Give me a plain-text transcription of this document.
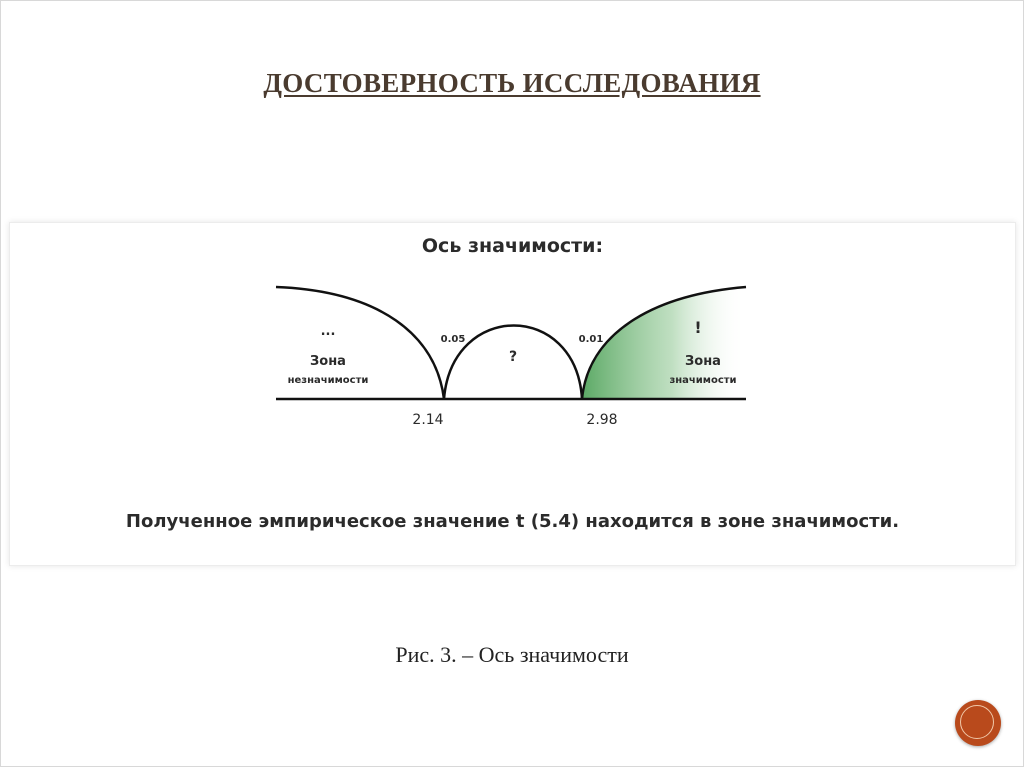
ДОСТОВЕРНОСТЬ ИССЛЕДОВАНИЯ
...
Зона
незначимости
0.05
?
0.01
!
Зона
значимости
2.14	2.98
Ось значимости:
Полученное эмпирическое значение t (5.4) находится в зоне значимости.
Рис. 3. – Ось значимости
